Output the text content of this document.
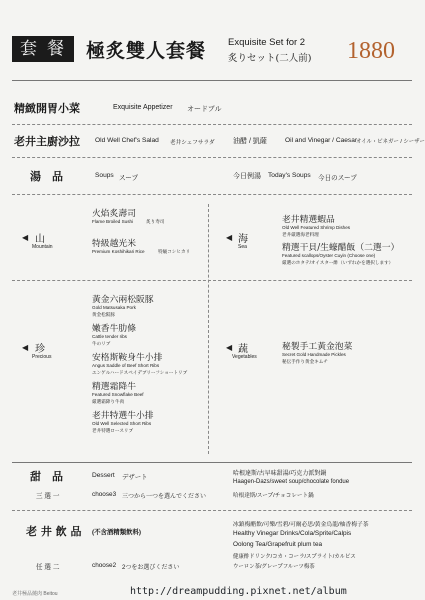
套餐 極炙雙人套餐 Exquisite Set for 2
炙りセット(二人前) 1880
精緻開胃小菜	Exquisite Appetizer オードブル
老井主廚沙拉 Old Well Chef's Salad 老井シェフサラダ	油醋 / 凱薩	Oil and Vinegar / Caesar
オイル・ビネガー / シーザー
湯　品	Soups スープ	今日例湯 Today's Soups 今日のスープ
◀ 山
Mountain
火焰炙壽司
Flame Broiled Sushi	炙り寿司
特級越光米
Premium Koshihikari Rice	特級コシヒカリ
◀ 海
Sea
老井精選蝦品
Old Well Featured Shrimp Dishes
老井厳選海老料理
精選干貝/生蠔醋飯（二選一）
Featured scallops/Oyster Cuyin (Choose one)
厳選のホタテ/オイスター酢（いずれかを選択します）
◀ 珍
Precious
黃金六兩松阪豚
Gold Matsusaka Pork
黄金松阪豚
嫩香牛肋條
Cattle tender ribs
牛のリブ
安格斯鞍身牛小排
Angus Saddle of Beef Short Ribs
エンゲルハードスペイデブリーフショートリブ
精選霜降牛
Featured Snowflake Beef
厳選霜降り牛肉
老井特選牛小排
Old Well Selected Short Ribs
老井特選ロースリブ
◀ 蔬
Vegetables
秘製手工黃金泡菜
Secret Gold Handmade Pickles
秘伝手作り黄金キムチ
甜　品	Dessert デザート
三 選 一	choose3 三つから一つを選んでください
哈根達斯/古早味甜湯/巧克力派對鍋
Haagen-Dazs/sweet soup/chocolate fondue
哈根達斯/スープ/チョコレート鍋
老 井 飲 品 (不含酒精類飲料)
任 選 二	choose2 2つをお選びください
冰鎮梅醋飲/可樂/雪碧/可爾必思/黃金烏龍/柚香梅子茶
Healthy Vinegar Drinks/Cola/Sprite/Calpis
Oolong Tea/Grapefruit plum tea
健康酢ドリンク/コカ・コーラ/スプライト/カルピス
ウーロン茶/グレープフルーツ梅茶
老井極品燒肉 Beitou	http://dreampudding.pixnet.net/album
